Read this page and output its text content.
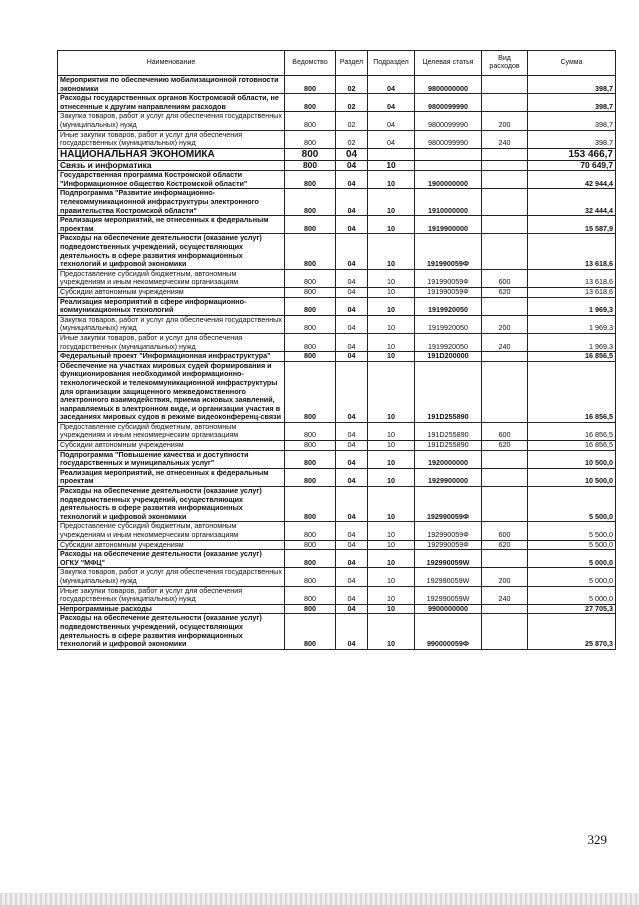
Наименование	Ведомство	Раздел	Подраздел	Целевая статья	Вид расходов	Сумма
Мероприятия по обеспечению мобилизационной готовности экономики	800	02	04	9800000000		398,7
Расходы государственных органов Костромской области, не отнесенные к другим направлениям расходов	800	02	04	9800099990		398,7
Закупка товаров, работ и услуг для обеспечения государственных (муниципальных) нужд	800	02	04	9800099990	200	398,7
Иные закупки товаров, работ и услуг для обеспечения государственных (муниципальных) нужд	800	02	04	9800099990	240	398,7
НАЦИОНАЛЬНАЯ ЭКОНОМИКА	800	04				153 466,7
Связь и информатика	800	04	10			70 649,7
Государственная программа Костромской области "Информационное общество Костромской области"	800	04	10	1900000000		42 944,4
Подпрограмма "Развитие информационно-телекоммуникационной инфраструктуры электронного правительства Костромской области"	800	04	10	1910000000		32 444,4
Реализация мероприятий, не отнесенных к федеральным проектам	800	04	10	1919900000		15 587,9
Расходы на обеспечение деятельности (оказание услуг) подведомственных учреждений, осуществляющих деятельность в сфере развития информационных технологий и цифровой экономики	800	04	10	191990059Ф		13 618,6
Предоставление субсидий бюджетным, автономным учреждениям и иным некоммерческим организациям	800	04	10	191990059Ф	600	13 618,6
Субсидии автономным учреждениям	800	04	10	191990059Ф	620	13 618,6
Реализация мероприятий в сфере информационно-коммуникационных технологий	800	04	10	1919920050		1 969,3
Закупка товаров, работ и услуг для обеспечения государственных (муниципальных) нужд	800	04	10	1919920050	200	1 969,3
Иные закупки товаров, работ и услуг для обеспечения государственных (муниципальных) нужд	800	04	10	1919920050	240	1 969,3
Федеральный проект "Информационная инфраструктура"	800	04	10	191D200000		16 856,5
Обеспечение на участках мировых судей формирования и функционирования необходимой информационно-технологической и телекоммуникационной инфраструктуры для организации защищенного межведомственного электронного взаимодействия, приема исковых заявлений, направляемых в электронном виде, и организации участия в заседаниях мировых судов в режиме видеоконференц-связи	800	04	10	191D255890		16 856,5
Предоставление субсидий бюджетным, автономным учреждениям и иным некоммерческим организациям	800	04	10	191D255890	600	16 856,5
Субсидии автономным учреждениям	800	04	10	191D255890	620	16 856,5
Подпрограмма "Повышение качества и доступности государственных и муниципальных услуг"	800	04	10	1920000000		10 500,0
Реализация мероприятий, не отнесенных к федеральным проектам	800	04	10	1929900000		10 500,0
Расходы на обеспечение деятельности (оказание услуг) подведомственных учреждений, осуществляющих деятельность в сфере развития информационных технологий и цифровой экономики	800	04	10	192990059Ф		5 500,0
Предоставление субсидий бюджетным, автономным учреждениям и иным некоммерческим организациям	800	04	10	192990059Ф	600	5 500,0
Субсидии автономным учреждениям	800	04	10	192990059Ф	620	5 500,0
Расходы на обеспечение деятельности (оказание услуг) ОГКУ "МФЦ"	800	04	10	192990059W		5 000,0
Закупка товаров, работ и услуг для обеспечения государственных (муниципальных) нужд	800	04	10	192990059W	200	5 000,0
Иные закупки товаров, работ и услуг для обеспечения государственных (муниципальных) нужд	800	04	10	192990059W	240	5 000,0
Непрограммные расходы	800	04	10	9900000000		27 705,3
Расходы на обеспечение деятельности (оказание услуг) подведомственных учреждений, осуществляющих деятельность в сфере развития информационных технологий и цифровой экономики	800	04	10	990000059Ф		25 870,3
329
